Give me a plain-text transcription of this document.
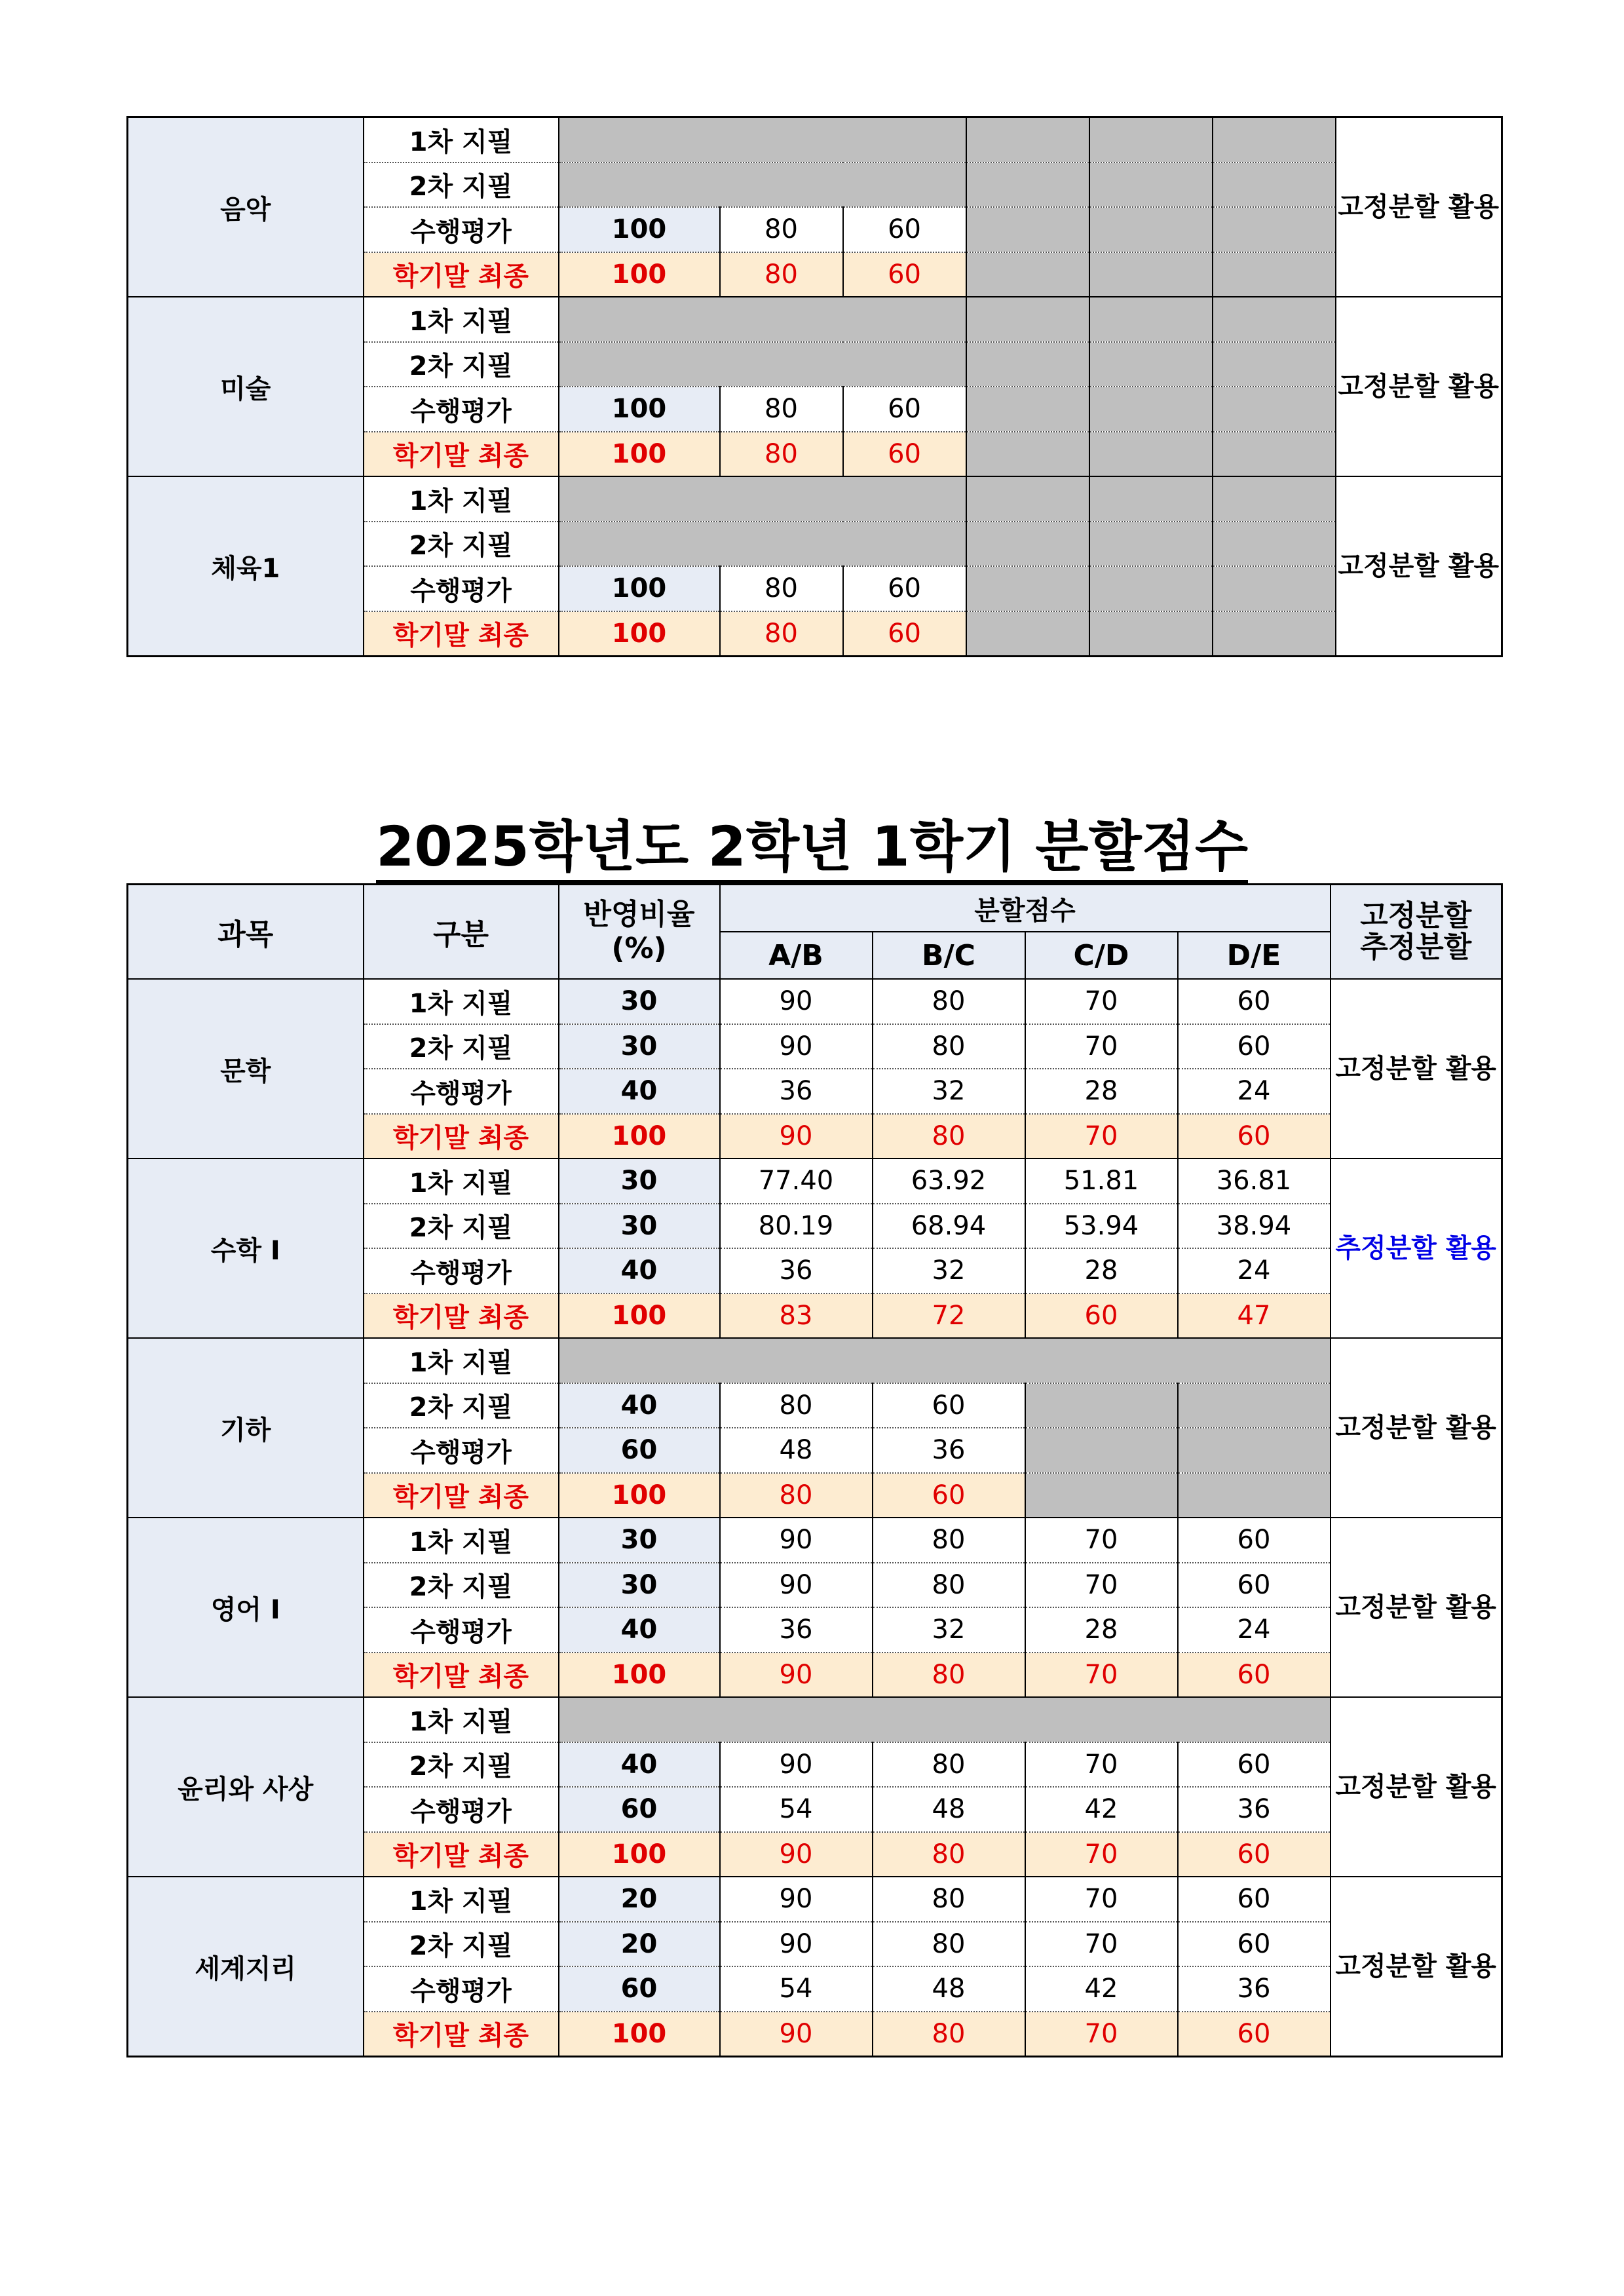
음악	1차 지필							고정분할 활용
	2차 지필							
	수행평가	100	80	60				
	학기말 최종	100	80	60				
미술	1차 지필							고정분할 활용
	2차 지필							
	수행평가	100	80	60				
	학기말 최종	100	80	60				
체육1	1차 지필							고정분할 활용
	2차 지필							
	수행평가	100	80	60				
	학기말 최종	100	80	60				
2025학년도 2학년 1학기 분할점수
과목	구분	반영비율 (%)	분할점수				고정분할 추정분할
			A/B	B/C	C/D	D/E	
문학	1차 지필	30	90	80	70	60	고정분할 활용
	2차 지필	30	90	80	70	60	
	수행평가	40	36	32	28	24	
	학기말 최종	100	90	80	70	60	
수학 Ⅰ	1차 지필	30	77.40	63.92	51.81	36.81	추정분할 활용
	2차 지필	30	80.19	68.94	53.94	38.94	
	수행평가	40	36	32	28	24	
	학기말 최종	100	83	72	60	47	
기하	1차 지필						고정분할 활용
	2차 지필	40	80	60			
	수행평가	60	48	36			
	학기말 최종	100	80	60			
영어 Ⅰ	1차 지필	30	90	80	70	60	고정분할 활용
	2차 지필	30	90	80	70	60	
	수행평가	40	36	32	28	24	
	학기말 최종	100	90	80	70	60	
윤리와 사상	1차 지필						고정분할 활용
	2차 지필	40	90	80	70	60	
	수행평가	60	54	48	42	36	
	학기말 최종	100	90	80	70	60	
세계지리	1차 지필	20	90	80	70	60	고정분할 활용
	2차 지필	20	90	80	70	60	
	수행평가	60	54	48	42	36	
	학기말 최종	100	90	80	70	60	
